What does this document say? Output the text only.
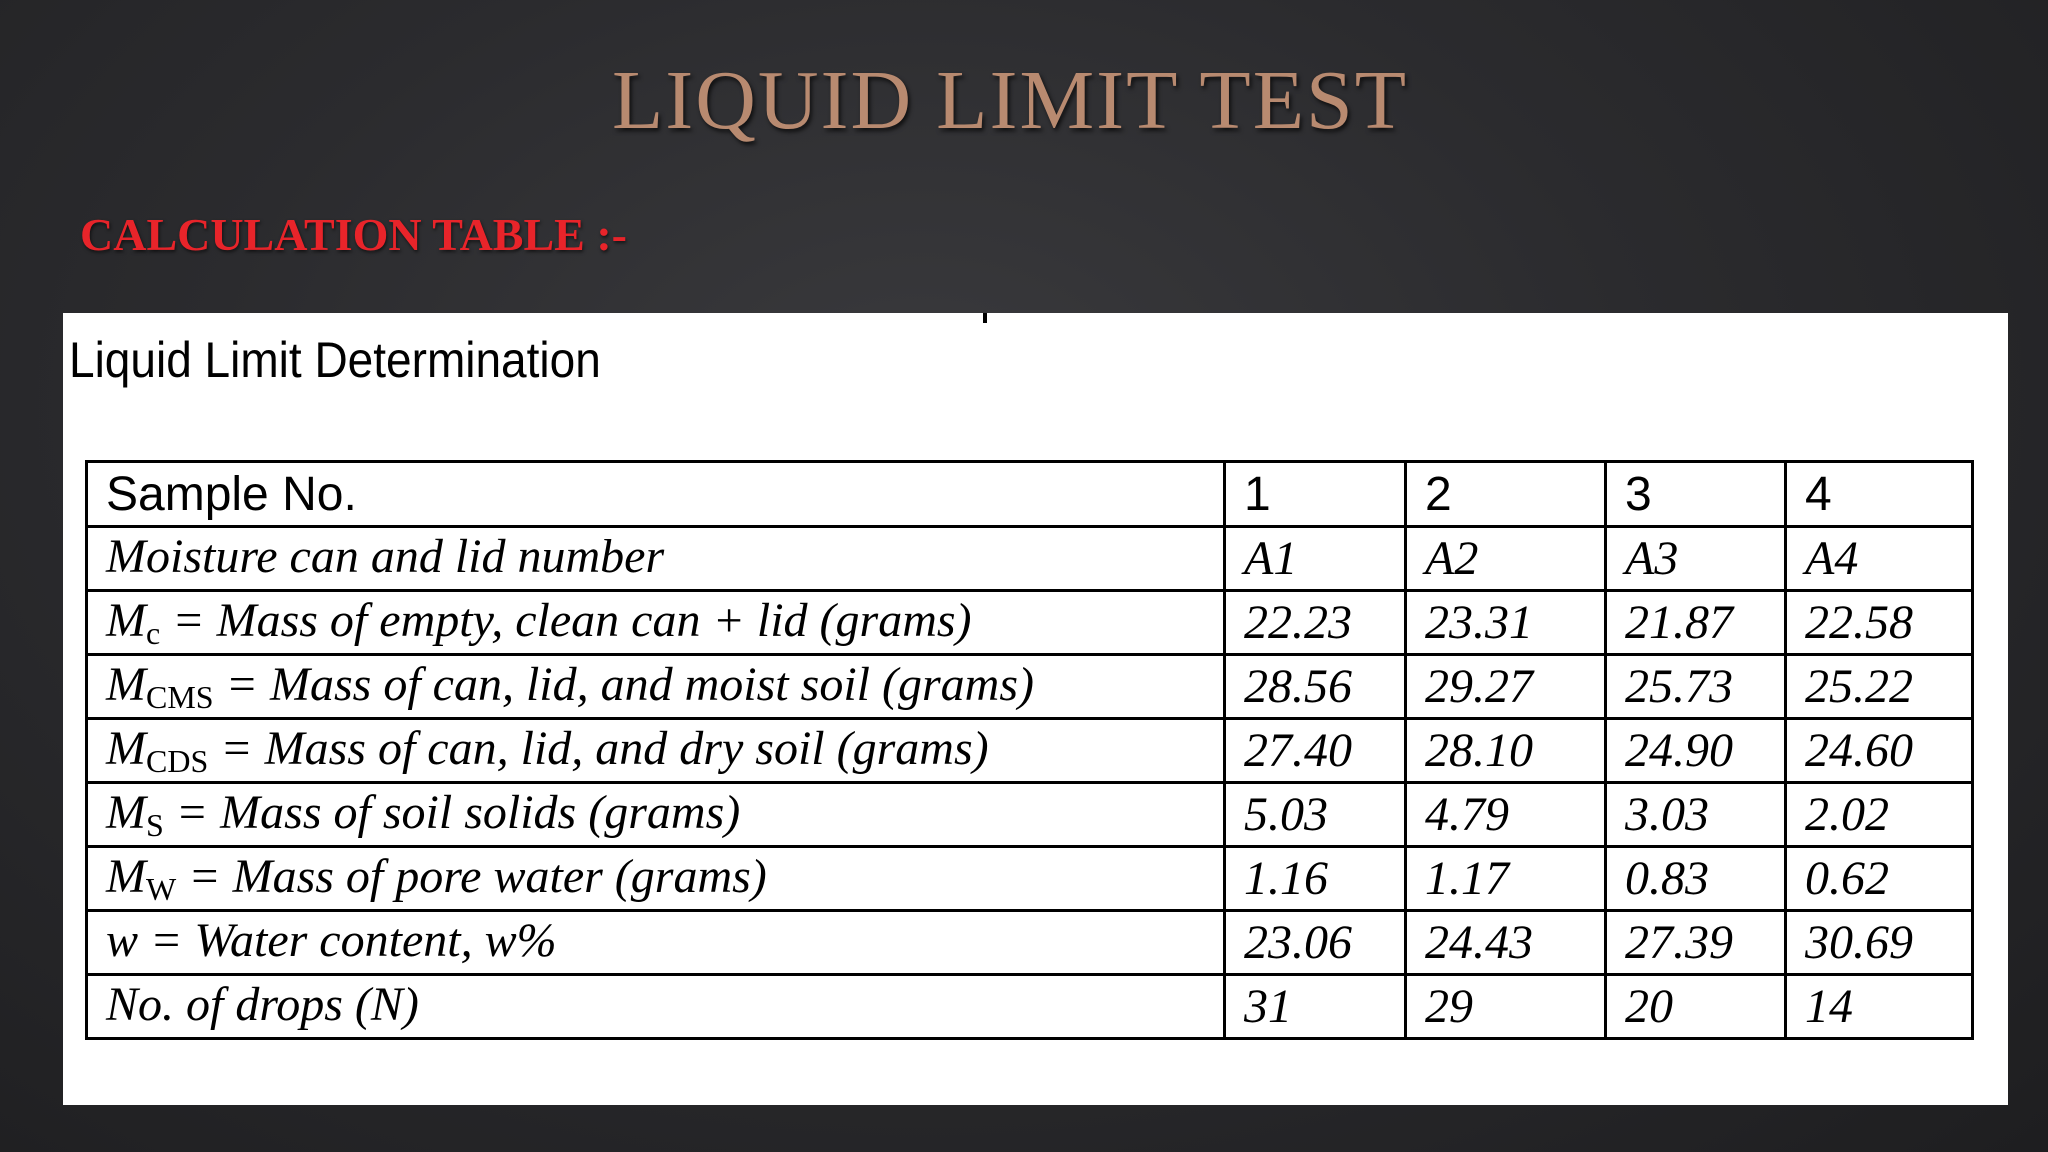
LIQUID LIMIT TEST
CALCULATION TABLE :-
Liquid Limit Determination
Sample No.	1	2	3	4
Moisture can and lid number	A1	A2	A3	A4
$M_c$ = Mass of empty, clean can + lid (grams)	22.23	23.31	21.87	22.58
$M_{CMS}$ = Mass of can, lid, and moist soil (grams)	28.56	29.27	25.73	25.22
$M_{CDS}$ = Mass of can, lid, and dry soil (grams)	27.40	28.10	24.90	24.60
$M_S$ = Mass of soil solids (grams)	5.03	4.79	3.03	2.02
$M_W$ = Mass of pore water (grams)	1.16	1.17	0.83	0.62
w = Water content, w%	23.06	24.43	27.39	30.69
No. of drops (N)	31	29	20	14
